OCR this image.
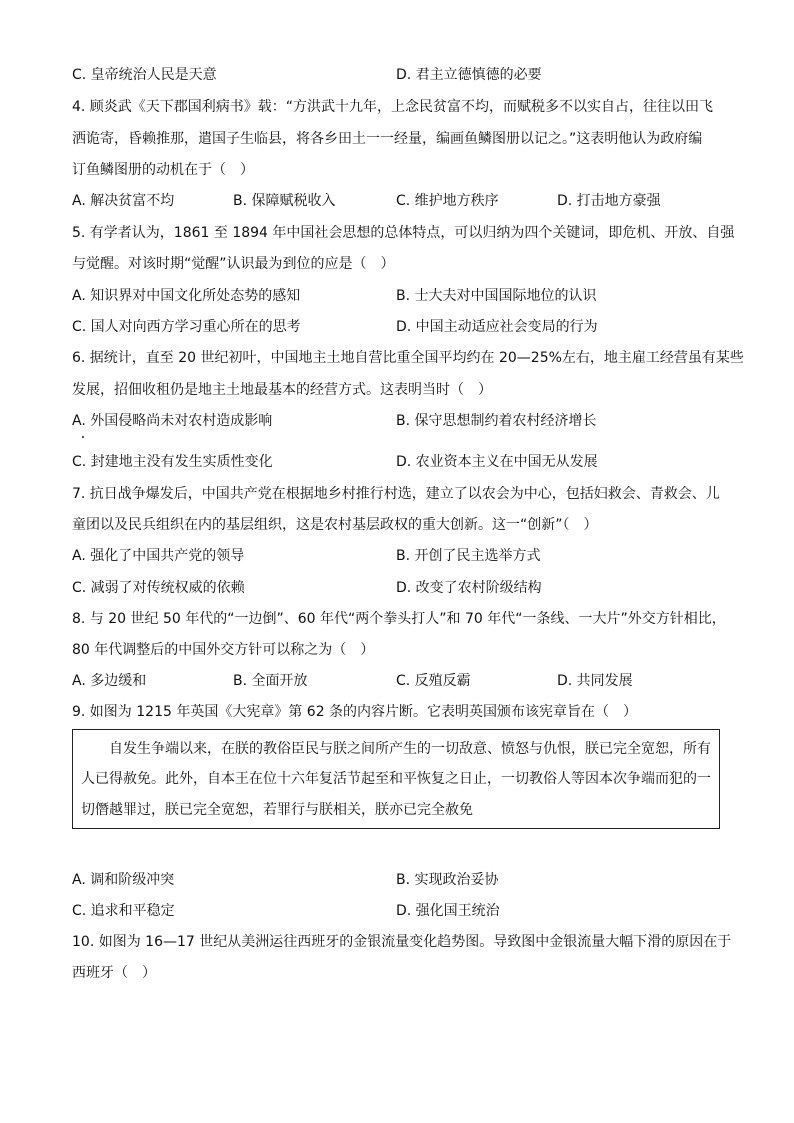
C. 皇帝统治人民是天意	D. 君主立德慎德的必要
4. 顾炎武《天下郡国利病书》载：“方洪武十九年，上念民贫富不均，而赋税多不以实自占，往往以田飞
洒诡寄，昏赖推那，遣国子生临县，将各乡田土一一经量，编画鱼鳞图册以记之。”这表明他认为政府编
订鱼鳞图册的动机在于（　）
A. 解决贫富不均	B. 保障赋税收入	C. 维护地方秩序	D. 打击地方豪强
5. 有学者认为，1861 至 1894 年中国社会思想的总体特点，可以归纳为四个关键词，即危机、开放、自强
与觉醒。对该时期“觉醒”认识最为到位的应是（　）
A. 知识界对中国文化所处态势的感知	B. 士大夫对中国国际地位的认识
C. 国人对向西方学习重心所在的思考	D. 中国主动适应社会变局的行为
6. 据统计，直至 20 世纪初叶，中国地主土地自营比重全国平均约在 20—25%左右，地主雇工经营虽有某些
发展，招佃收租仍是地主土地最基本的经营方式。这表明当时（　）
A. 外国侵略尚未对农村造成影响	B. 保守思想制约着农村经济增长
C. 封建地主没有发生实质性变化	D. 农业资本主义在中国无从发展
7. 抗日战争爆发后，中国共产党在根据地乡村推行村选，建立了以农会为中心，包括妇救会、青救会、儿
童团以及民兵组织在内的基层组织，这是农村基层政权的重大创新。这一“创新”（　）
A. 强化了中国共产党的领导	B. 开创了民主选举方式
C. 减弱了对传统权威的依赖	D. 改变了农村阶级结构
8. 与 20 世纪 50 年代的“一边倒”、60 年代“两个拳头打人”和 70 年代“一条线、一大片”外交方针相比，
80 年代调整后的中国外交方针可以称之为（　）
A. 多边缓和	B. 全面开放	C. 反殖反霸	D. 共同发展
9. 如图为 1215 年英国《大宪章》第 62 条的内容片断。它表明英国颁布该宪章旨在（　）
　　自发生争端以来，在朕的教俗臣民与朕之间所产生的一切敌意、愤怒与仇恨，朕已完全宽恕，所有
人已得赦免。此外，自本王在位十六年复活节起至和平恢复之日止，一切教俗人等因本次争端而犯的一
切僭越罪过，朕已完全宽恕，若罪行与朕相关，朕亦已完全赦免
A. 调和阶级冲突	B. 实现政治妥协
C. 追求和平稳定	D. 强化国王统治
10. 如图为 16—17 世纪从美洲运往西班牙的金银流量变化趋势图。导致图中金银流量大幅下滑的原因在于
西班牙（　）
